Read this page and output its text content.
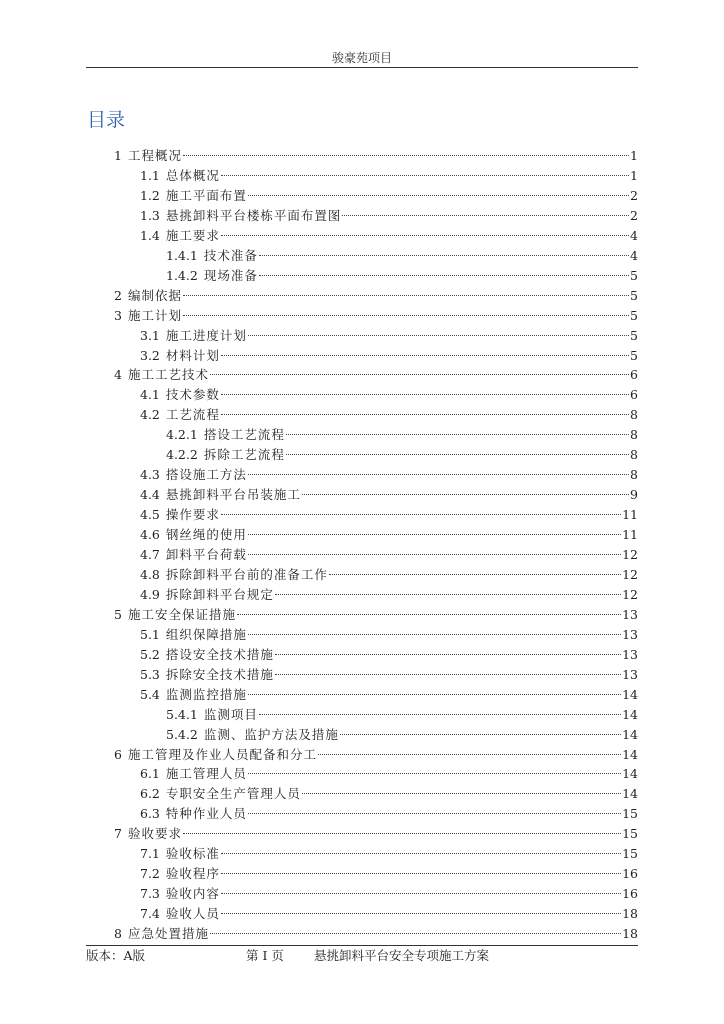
骏豪苑项目
目录
1 工程概况	1
1.1 总体概况	1
1.2 施工平面布置	2
1.3 悬挑卸料平台楼栋平面布置图	2
1.4 施工要求	4
1.4.1 技术准备	4
1.4.2 现场准备	5
2 编制依据	5
3 施工计划	5
3.1 施工进度计划	5
3.2 材料计划	5
4 施工工艺技术	6
4.1 技术参数	6
4.2 工艺流程	8
4.2.1 搭设工艺流程	8
4.2.2 拆除工艺流程	8
4.3 搭设施工方法	8
4.4 悬挑卸料平台吊装施工	9
4.5 操作要求	11
4.6 钢丝绳的使用	11
4.7 卸料平台荷载	12
4.8 拆除卸料平台前的准备工作	12
4.9 拆除卸料平台规定	12
5 施工安全保证措施	13
5.1 组织保障措施	13
5.2 搭设安全技术措施	13
5.3 拆除安全技术措施	13
5.4 监测监控措施	14
5.4.1 监测项目	14
5.4.2 监测、监护方法及措施	14
6 施工管理及作业人员配备和分工	14
6.1 施工管理人员	14
6.2 专职安全生产管理人员	14
6.3 特种作业人员	15
7 验收要求	15
7.1 验收标准	15
7.2 验收程序	16
7.3 验收内容	16
7.4 验收人员	18
8 应急处置措施	18
版本：A版	第 I 页 悬挑卸料平台安全专项施工方案
